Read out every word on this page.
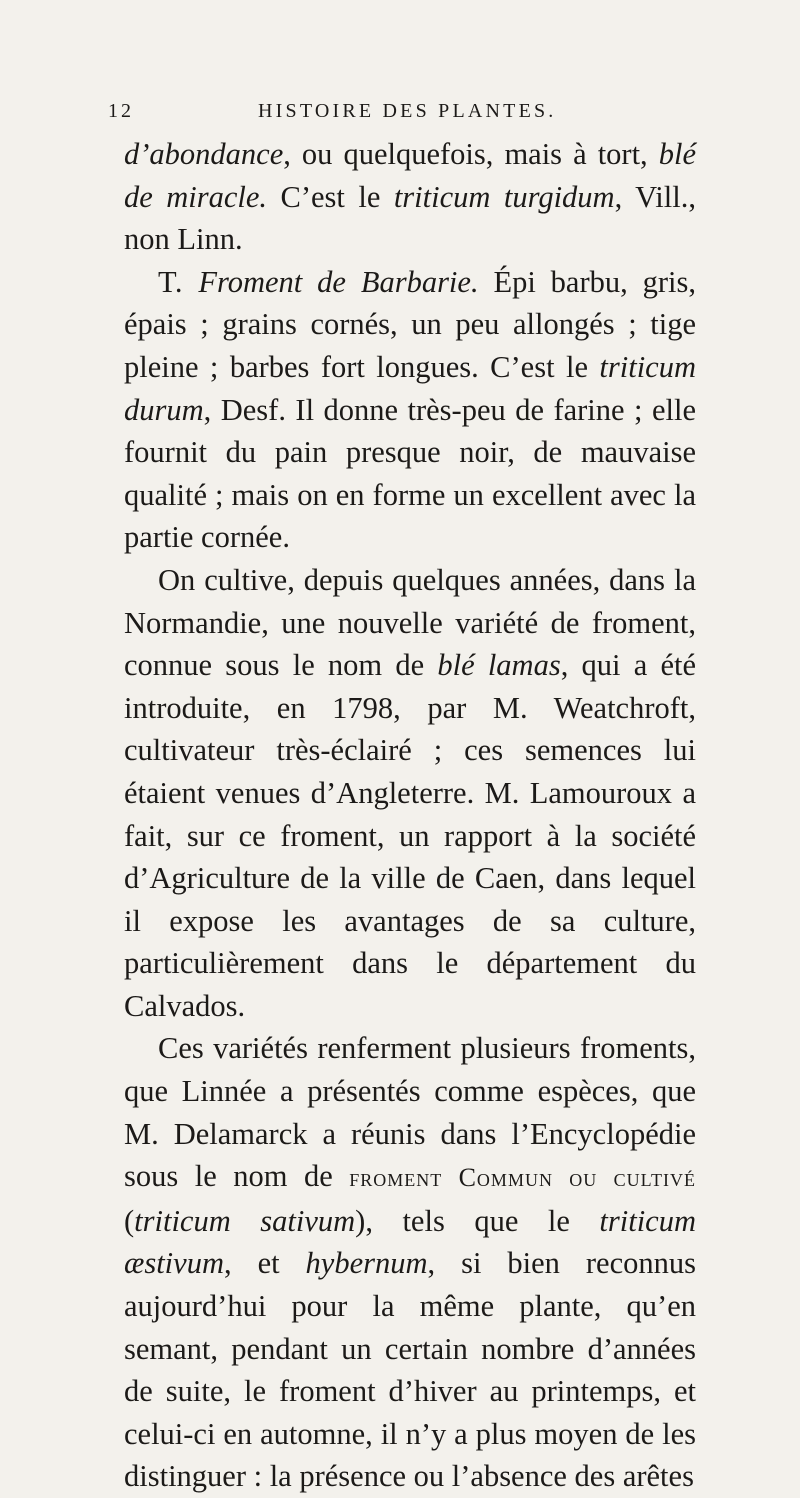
12	HISTOIRE DES PLANTES.

d’abondance, ou quelquefois, mais à tort, blé de miracle. C’est le triticum turgidum, Vill., non Linn.

T. Froment de Barbarie. Épi barbu, gris, épais ; grains cornés, un peu allongés ; tige pleine ; barbes fort longues. C’est le triticum durum, Desf. Il donne très-peu de farine ; elle fournit du pain presque noir, de mauvaise qualité ; mais on en forme un excellent avec la partie cornée.

On cultive, depuis quelques années, dans la Normandie, une nouvelle variété de froment, connue sous le nom de blé lamas, qui a été introduite, en 1798, par M. Weatchroft, cultivateur très-éclairé ; ces semences lui étaient venues d’Angleterre. M. Lamouroux a fait, sur ce froment, un rapport à la société d’Agriculture de la ville de Caen, dans lequel il expose les avantages de sa culture, particulièrement dans le département du Calvados.

Ces variétés renferment plusieurs froments, que Linnée a présentés comme espèces, que M. Delamarck a réunis dans l’Encyclopédie sous le nom de froment Commun ou cultivé (triticum sativum), tels que le triticum æstivum, et hybernum, si bien reconnus aujourd’hui pour la même plante, qu’en semant, pendant un certain nombre d’années de suite, le froment d’hiver au printemps, et celui-ci en automne, il n’y a plus moyen de les distinguer : la présence ou l’absence des arêtes
